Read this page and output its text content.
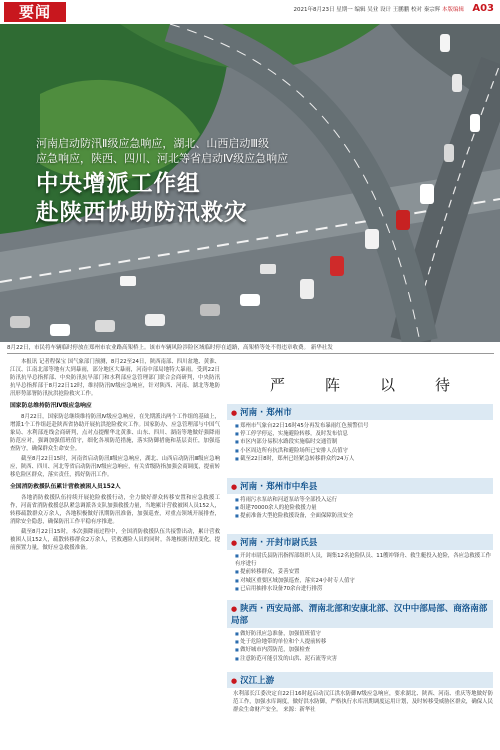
要闻	2021年8月23日 星期一 编辑 吴业 设计 王鹏鹏 校对 秦宗辉 本版编辑 A03
河南启动防汛Ⅱ级应急响应，湖北、山西启动Ⅲ级
应急响应，陕西、四川、河北等省启动Ⅳ级应急响应
中央增派工作组
赴陕西协助防汛救灾
8月22日，市民将车辆临时停放在郑州市农业路高架桥上。该市车辆风险涉险区域临时停在道路，高架桥等处不得违章收费。 新华社发

本报讯 记者程保宝 国气象部门预测，8月22至24日，陕西南部、四川盆地、黄淮、江汉、江南北部等地有大到暴雨，部分地区大暴雨，河南中部局地特大暴雨。受到22日防汛抗旱总指挥部、中央防汛抗旱部门和水利部应急管理部门联合会商研判，中央防汛抗旱总指挥部于8月22日12时，维持防汛Ⅳ级应急响应，针对陕西、河南、湖北等地防汛形势部署防汛抗洪抢险救灾工作。

国家防总维持防汛Ⅳ级应急响应

8月22日，国家防总继续维持防汛Ⅳ级应急响应，在先期派出两个工作组的基础上，增派1个工作组赶赴陕西省协助开展抗洪抢险救灾工作。国家防办、应急管理部与中国气象局、水利部连线会商研判，点对点提醒华北黄淮、山东、四川、湖南等地做好强降雨防范应对，强调加强值班值守，细化各项防范措施，落实防御措施和基层责任，加强巡查防守，确保群众生命安全。

截至8月22日15时，河南省启动防汛Ⅱ级应急响应，湖北、山西启动防汛Ⅲ级应急响应，陕西、四川、河北等省启动防汛Ⅳ级应急响应，有关省级防指加强会商调度，提前转移危险区群众，落实责任，抓好防汛工作。

全国消防救援队伍累计营救被困人员152人

各地消防救援队伍持续开展抢险救援行动，全力做好群众转移安置和应急救援工作，河南省消防救援总队紧急调派各支队加强救援力量，当地累计营救被困人员152人，转移疏散群众万余人，各地积极做好汛期防汛准备，加强巡查，对重点领域开展排查，消除安全隐患，确保防汛工作平稳有序推进。

截至8月22日15时，本次强降雨过程中，全国消防救援队伍共接警出动，累计营救被困人员152人，疏散转移群众2万余人，营救遇险人员的同时，各地根据汛情变化，提前预置力量，做好应急救援准备。

严阵以待
● 河南 · 郑州市
■ 郑州市气象台22日16时45分再发布暴雨红色预警信号
■ 停工停学停运，实施避险转移，及时发布信息
■ 市区内部分易积水路段实施临时交通管制
■ 小区周边所有抗洪和避险场所已安排人员值守
■ 截至22日8时，郑州已经紧急转移群众约24万人
● 河南 · 郑州市中牟县
■ 将雨污水泵站和河道泵站等全部投入运行
■ 组建70000余人的抢险救援力量
■ 提前准备大型抢险救援设备，全面保障防汛安全
● 河南 · 开封市尉氏县
■ 开封市尉氏县防汛指挥部组织人员，调集12名抢险队员、11艘冲锋舟、救生艇投入抢险，各应急救援工作有序进行
■ 提前转移群众，妥善安置
■ 对城区重要区域加强巡查，落实24小时专人值守
■ 已启用抽排水设备70余台进行排涝
● 陕西 · 西安局部、渭南北部和安康北部、汉中中部局部、商洛南部局部
■ 做好防汛应急准备，加强值班值守
■ 处于危险地带的单位和个人提前转移
■ 做好城市内涝防范，加强检查
■ 注意防范可能引发的山洪、泥石流等灾害
● 汉江上游
水利部长江委决定自22日16时起启动汉江洪水防御Ⅳ级应急响应，要求湖北、陕西、河南、重庆等地做好防范工作，加强水库调度，做好洪水防御，严格执行水库汛期调度运用计划，及时转移受威胁区群众，确保人民群众生命财产安全。 来源：新华社
